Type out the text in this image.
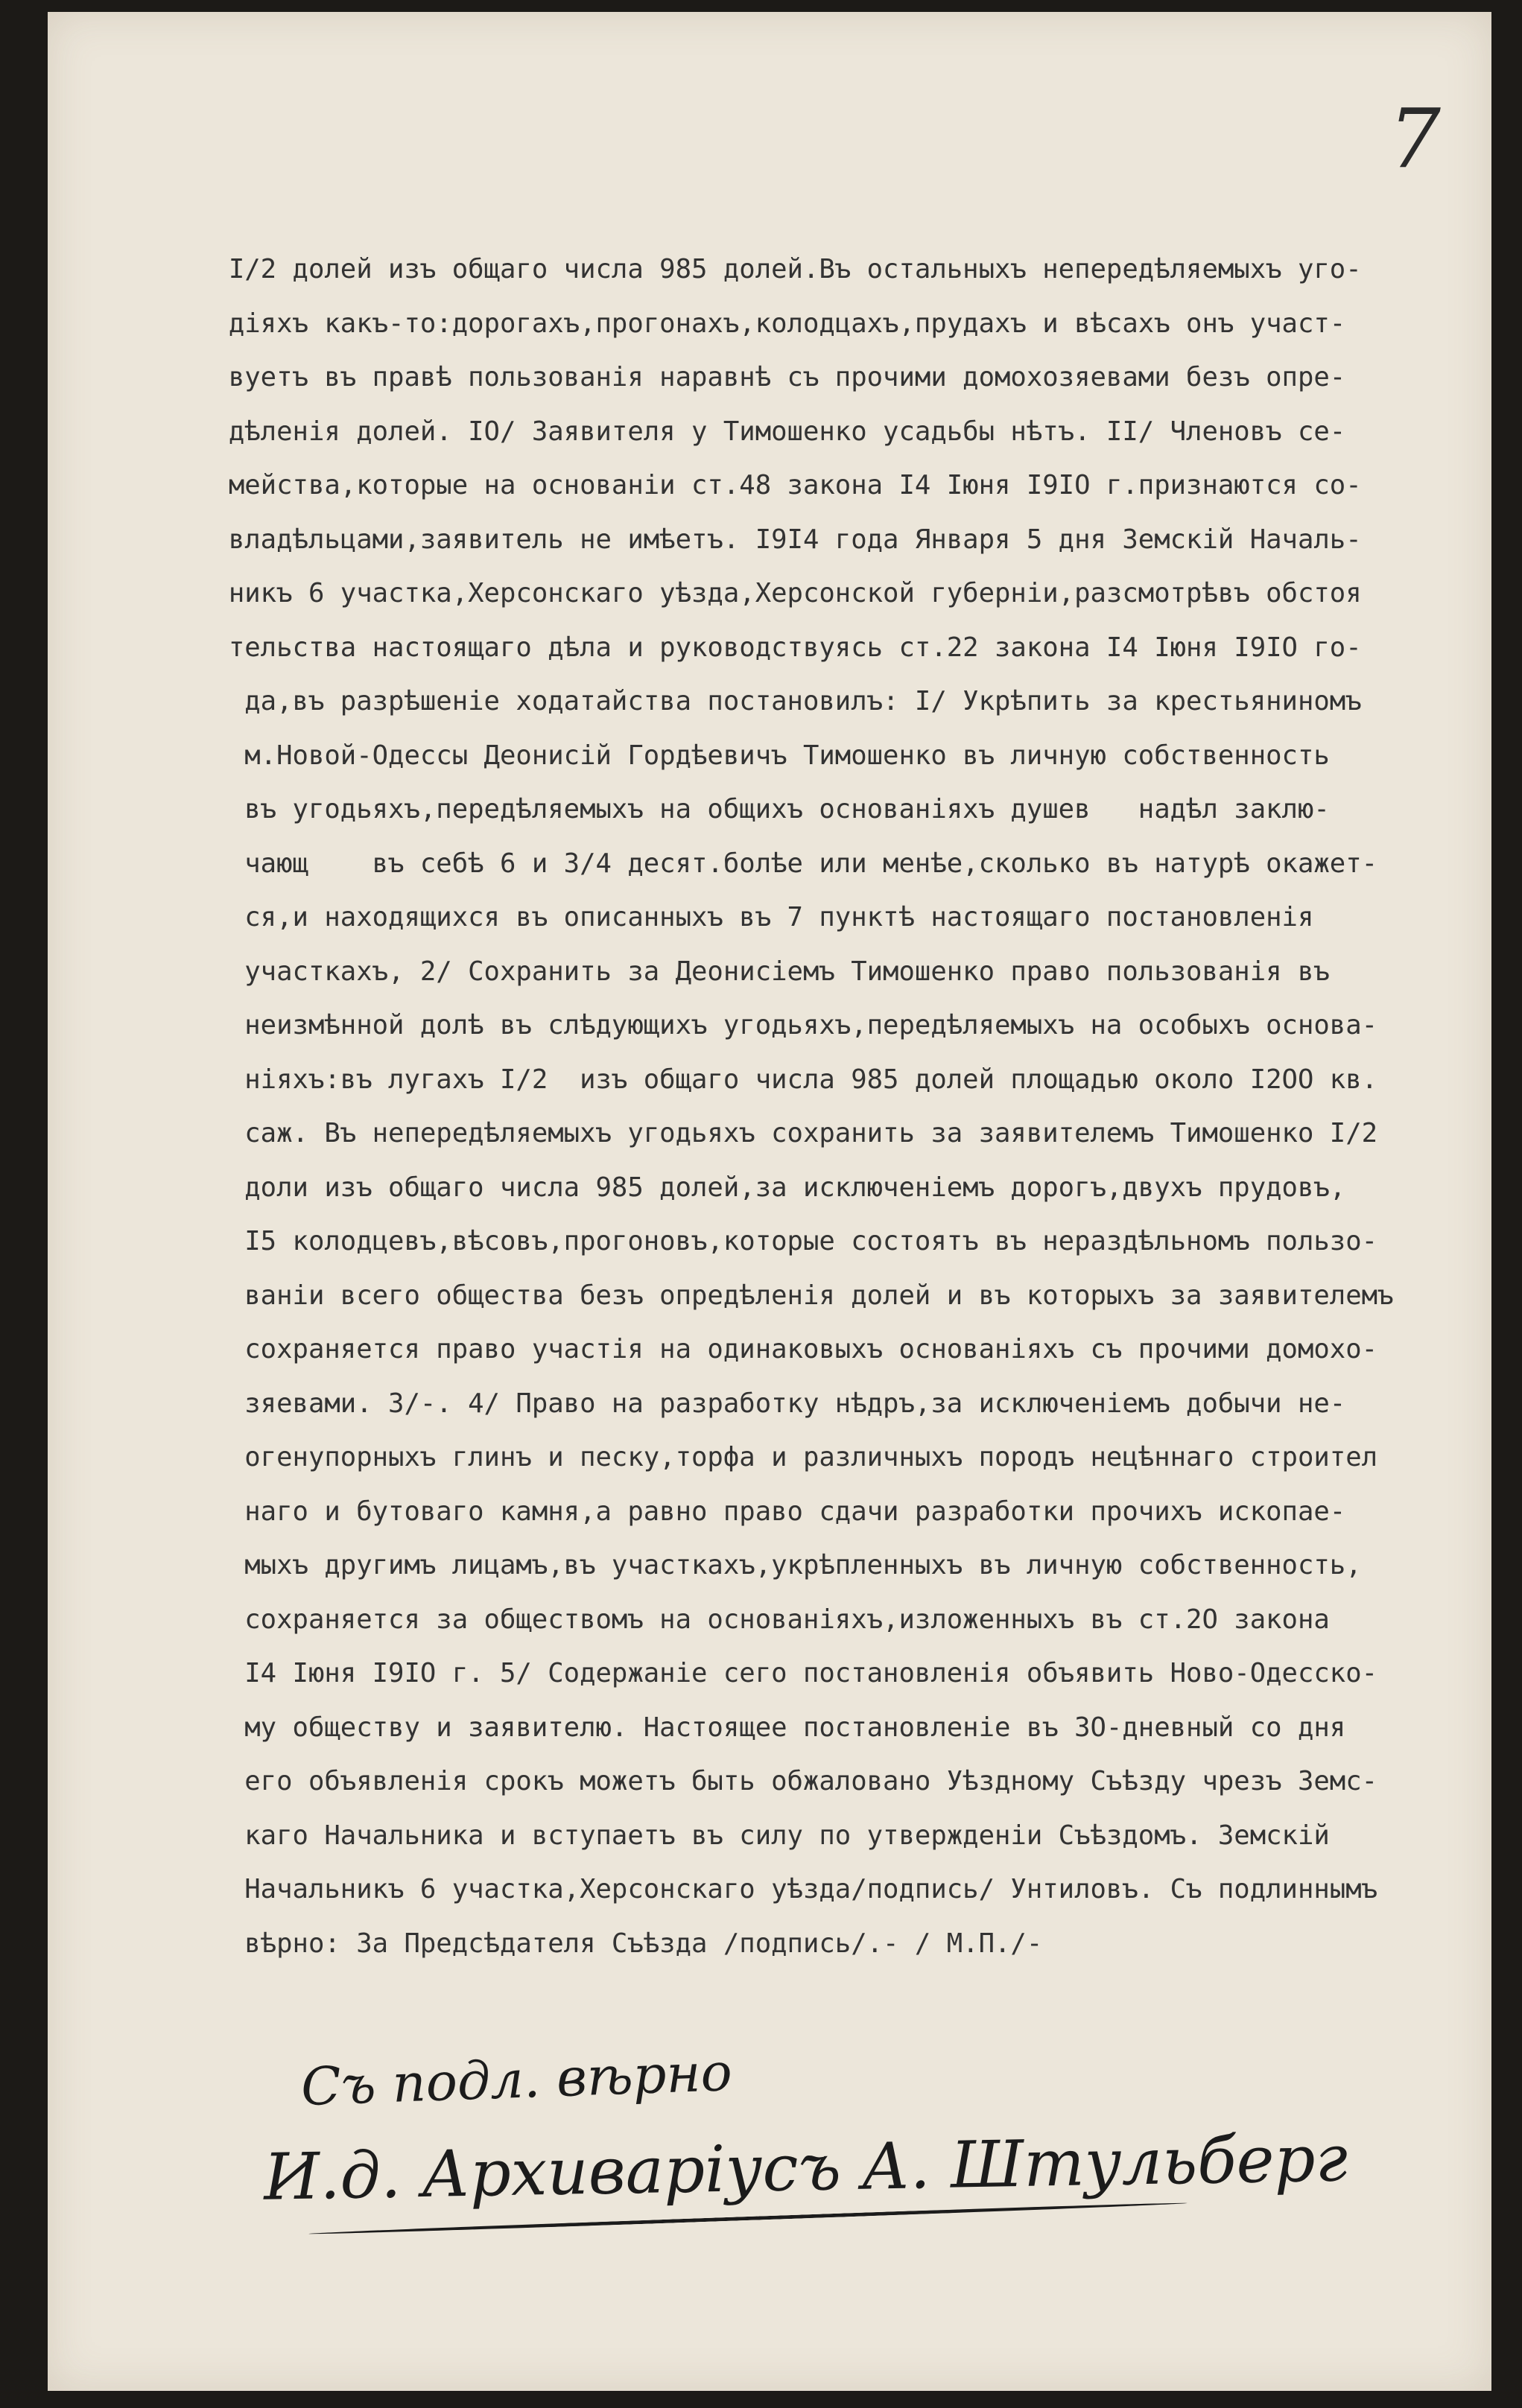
7
I/2 долей изъ общаго числа 985 долей.Въ остальныхъ непередѣляемыхъ уго-
діяхъ какъ-то:дорогахъ,прогонахъ,колодцахъ,прудахъ и вѣсахъ онъ участ-
вуетъ въ правѣ пользованія наравнѣ съ прочими домохозяевами безъ опре-
дѣленія долей. IO/ Заявителя у Тимошенко усадьбы нѣтъ. II/ Членовъ се-
мейства,которые на основанiи ст.48 закона I4 Iюня I9IO г.признаются со-
владѣльцами,заявитель не имѣетъ. I9I4 года Января 5 дня Земскiй Началь-
никъ 6 участка,Херсонскаго уѣзда,Херсонской губернiи,разсмотрѣвъ обстоя
тельства настоящаго дѣла и руководствуясь ст.22 закона I4 Iюня I9IO го-
да,въ разрѣшенiе ходатайства постановилъ: I/ Укрѣпить за крестьяниномъ
м.Новой-Одессы Деонисiй Гордѣевичъ Тимошенко въ личную собственность
въ угодьяхъ,передѣляемыхъ на общихъ основанiяхъ душев   надѣл заклю-
чающ    въ себѣ 6 и 3/4 десят.болѣе или менѣе,сколько въ натурѣ окажет-
ся,и находящихся въ описанныхъ въ 7 пунктѣ настоящаго постановленiя
участкахъ, 2/ Сохранить за Деонисiемъ Тимошенко право пользованiя въ
неизмѣнной долѣ въ слѣдующихъ угодьяхъ,передѣляемыхъ на особыхъ основа-
нiяхъ:въ лугахъ I/2  изъ общаго числа 985 долей площадью около I2OO кв.
саж. Въ непередѣляемыхъ угодьяхъ сохранить за заявителемъ Тимошенко I/2
доли изъ общаго числа 985 долей,за исключенiемъ дорогъ,двухъ прудовъ,
I5 колодцевъ,вѣсовъ,прогоновъ,которые состоятъ въ нераздѣльномъ пользо-
ванiи всего общества безъ опредѣленiя долей и въ которыхъ за заявителемъ
сохраняется право участiя на одинаковыхъ основанiяхъ съ прочими домохо-
зяевами. 3/-. 4/ Право на разработку нѣдръ,за исключенiемъ добычи не-
огенупорныхъ глинъ и песку,торфа и различныхъ породъ нецѣннаго строител
наго и бутоваго камня,а равно право сдачи разработки прочихъ ископае-
мыхъ другимъ лицамъ,въ участкахъ,укрѣпленныхъ въ личную собственность,
сохраняется за обществомъ на основанiяхъ,изложенныхъ въ ст.2O закона
I4 Iюня I9IO г. 5/ Содержанiе сего постановленiя объявить Ново-Одесско-
му обществу и заявителю. Настоящее постановленiе въ 3O-дневный со дня
его объявленiя срокъ можетъ быть обжаловано Уѣздному Съѣзду чрезъ Земс-
каго Начальника и вступаетъ въ силу по утвержденiи Съѣздомъ. Земскiй
Начальникъ 6 участка,Херсонскаго уѣзда/подпись/ Унтиловъ. Съ подлиннымъ
вѣрно: За Предсѣдателя Съѣзда /подпись/.- / М.П./-

Съ подл. вѣрно
И.д. Архиварiусъ А. Штульберг
